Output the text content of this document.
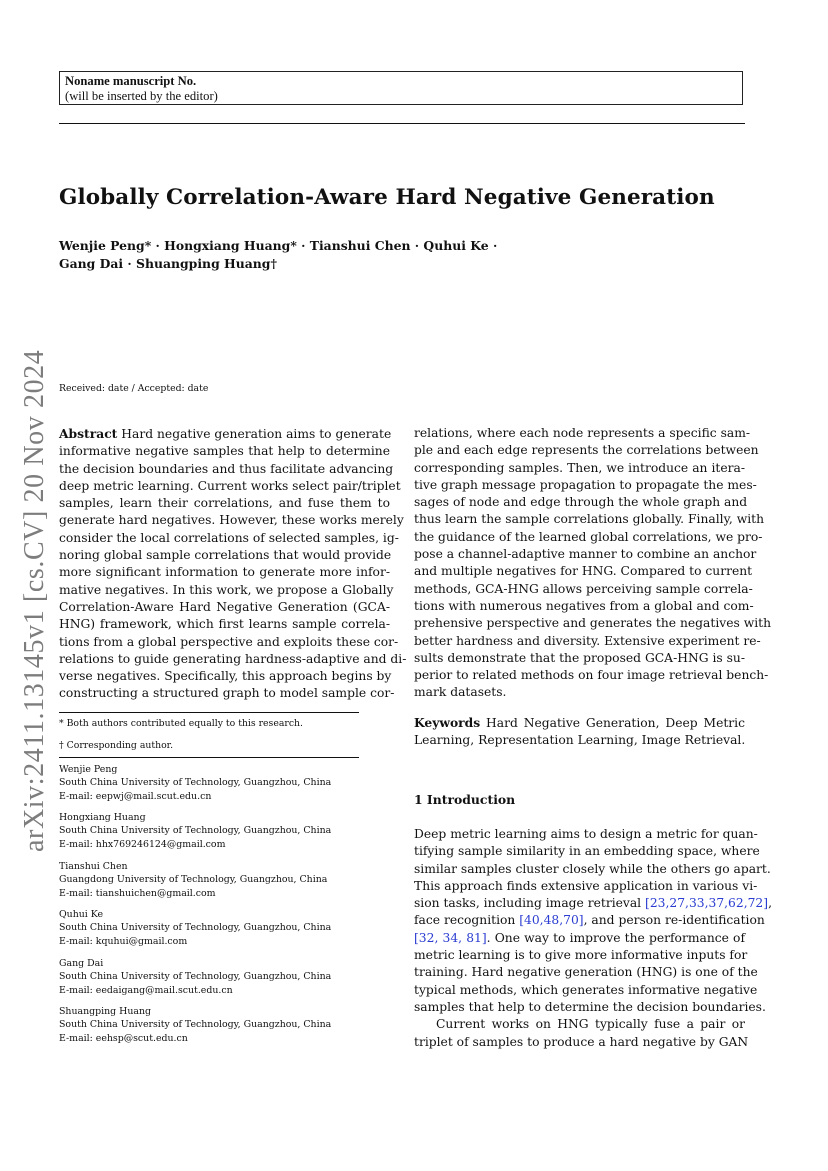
Noname manuscript No.
(will be inserted by the editor)
Globally Correlation-Aware Hard Negative Generation
Wenjie Peng* · Hongxiang Huang* · Tianshui Chen · Quhui Ke ·
Gang Dai · Shuangping Huang†
arXiv:2411.13145v1 [cs.CV] 20 Nov 2024 Received: date / Accepted: date
Abstract Hard negative generation aims to generate
informative negative samples that help to determine
the decision boundaries and thus facilitate advancing
deep metric learning. Current works select pair/triplet
samples, learn their correlations, and fuse them to
generate hard negatives. However, these works merely
consider the local correlations of selected samples, ig-
noring global sample correlations that would provide
more significant information to generate more infor-
mative negatives. In this work, we propose a Globally
Correlation-Aware Hard Negative Generation (GCA-
HNG) framework, which first learns sample correla-
tions from a global perspective and exploits these cor-
relations to guide generating hardness-adaptive and di-
verse negatives. Specifically, this approach begins by
constructing a structured graph to model sample cor-
* Both authors contributed equally to this research.
† Corresponding author.
Wenjie Peng
South China University of Technology, Guangzhou, China
E-mail: eepwj@mail.scut.edu.cn
Hongxiang Huang
South China University of Technology, Guangzhou, China
E-mail: hhx769246124@gmail.com
Tianshui Chen
Guangdong University of Technology, Guangzhou, China
E-mail: tianshuichen@gmail.com
Quhui Ke
South China University of Technology, Guangzhou, China
E-mail: kquhui@gmail.com
Gang Dai
South China University of Technology, Guangzhou, China
E-mail: eedaigang@mail.scut.edu.cn
Shuangping Huang
South China University of Technology, Guangzhou, China
E-mail: eehsp@scut.edu.cn
relations, where each node represents a specific sam-
ple and each edge represents the correlations between
corresponding samples. Then, we introduce an itera-
tive graph message propagation to propagate the mes-
sages of node and edge through the whole graph and
thus learn the sample correlations globally. Finally, with
the guidance of the learned global correlations, we pro-
pose a channel-adaptive manner to combine an anchor
and multiple negatives for HNG. Compared to current
methods, GCA-HNG allows perceiving sample correla-
tions with numerous negatives from a global and com-
prehensive perspective and generates the negatives with
better hardness and diversity. Extensive experiment re-
sults demonstrate that the proposed GCA-HNG is su-
perior to related methods on four image retrieval bench-
mark datasets.
Keywords Hard Negative Generation, Deep Metric
Learning, Representation Learning, Image Retrieval.
1 Introduction
Deep metric learning aims to design a metric for quan-
tifying sample similarity in an embedding space, where
similar samples cluster closely while the others go apart.
This approach finds extensive application in various vi-
sion tasks, including image retrieval [23,27,33,37,62,72],
face recognition [40,48,70], and person re-identification
[32, 34, 81]. One way to improve the performance of
metric learning is to give more informative inputs for
training. Hard negative generation (HNG) is one of the
typical methods, which generates informative negative
samples that help to determine the decision boundaries.
Current works on HNG typically fuse a pair or
triplet of samples to produce a hard negative by GAN
